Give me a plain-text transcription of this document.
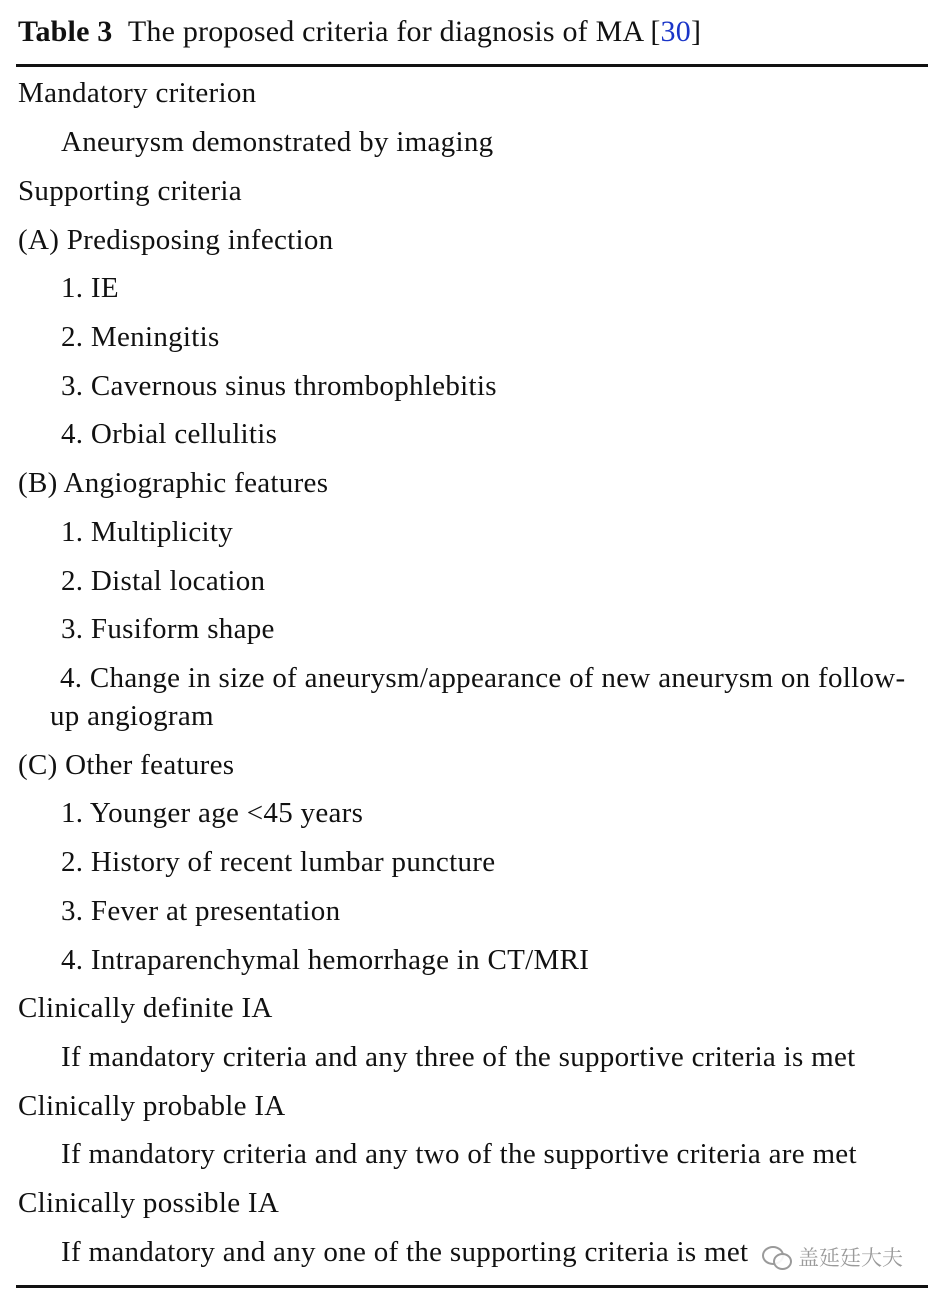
Table 3 The proposed criteria for diagnosis of MA [30]
Mandatory criterion
Aneurysm demonstrated by imaging
Supporting criteria
(A) Predisposing infection
1. IE
2. Meningitis
3. Cavernous sinus thrombophlebitis
4. Orbial cellulitis
(B) Angiographic features
1. Multiplicity
2. Distal location
3. Fusiform shape
4. Change in size of aneurysm/appearance of new aneurysm on follow-up angiogram
(C) Other features
1. Younger age <45 years
2. History of recent lumbar puncture
3. Fever at presentation
4. Intraparenchymal hemorrhage in CT/MRI
Clinically definite IA
If mandatory criteria and any three of the supportive criteria is met
Clinically probable IA
If mandatory criteria and any two of the supportive criteria are met
Clinically possible IA
If mandatory and any one of the supporting criteria is met	盖延廷大夫
